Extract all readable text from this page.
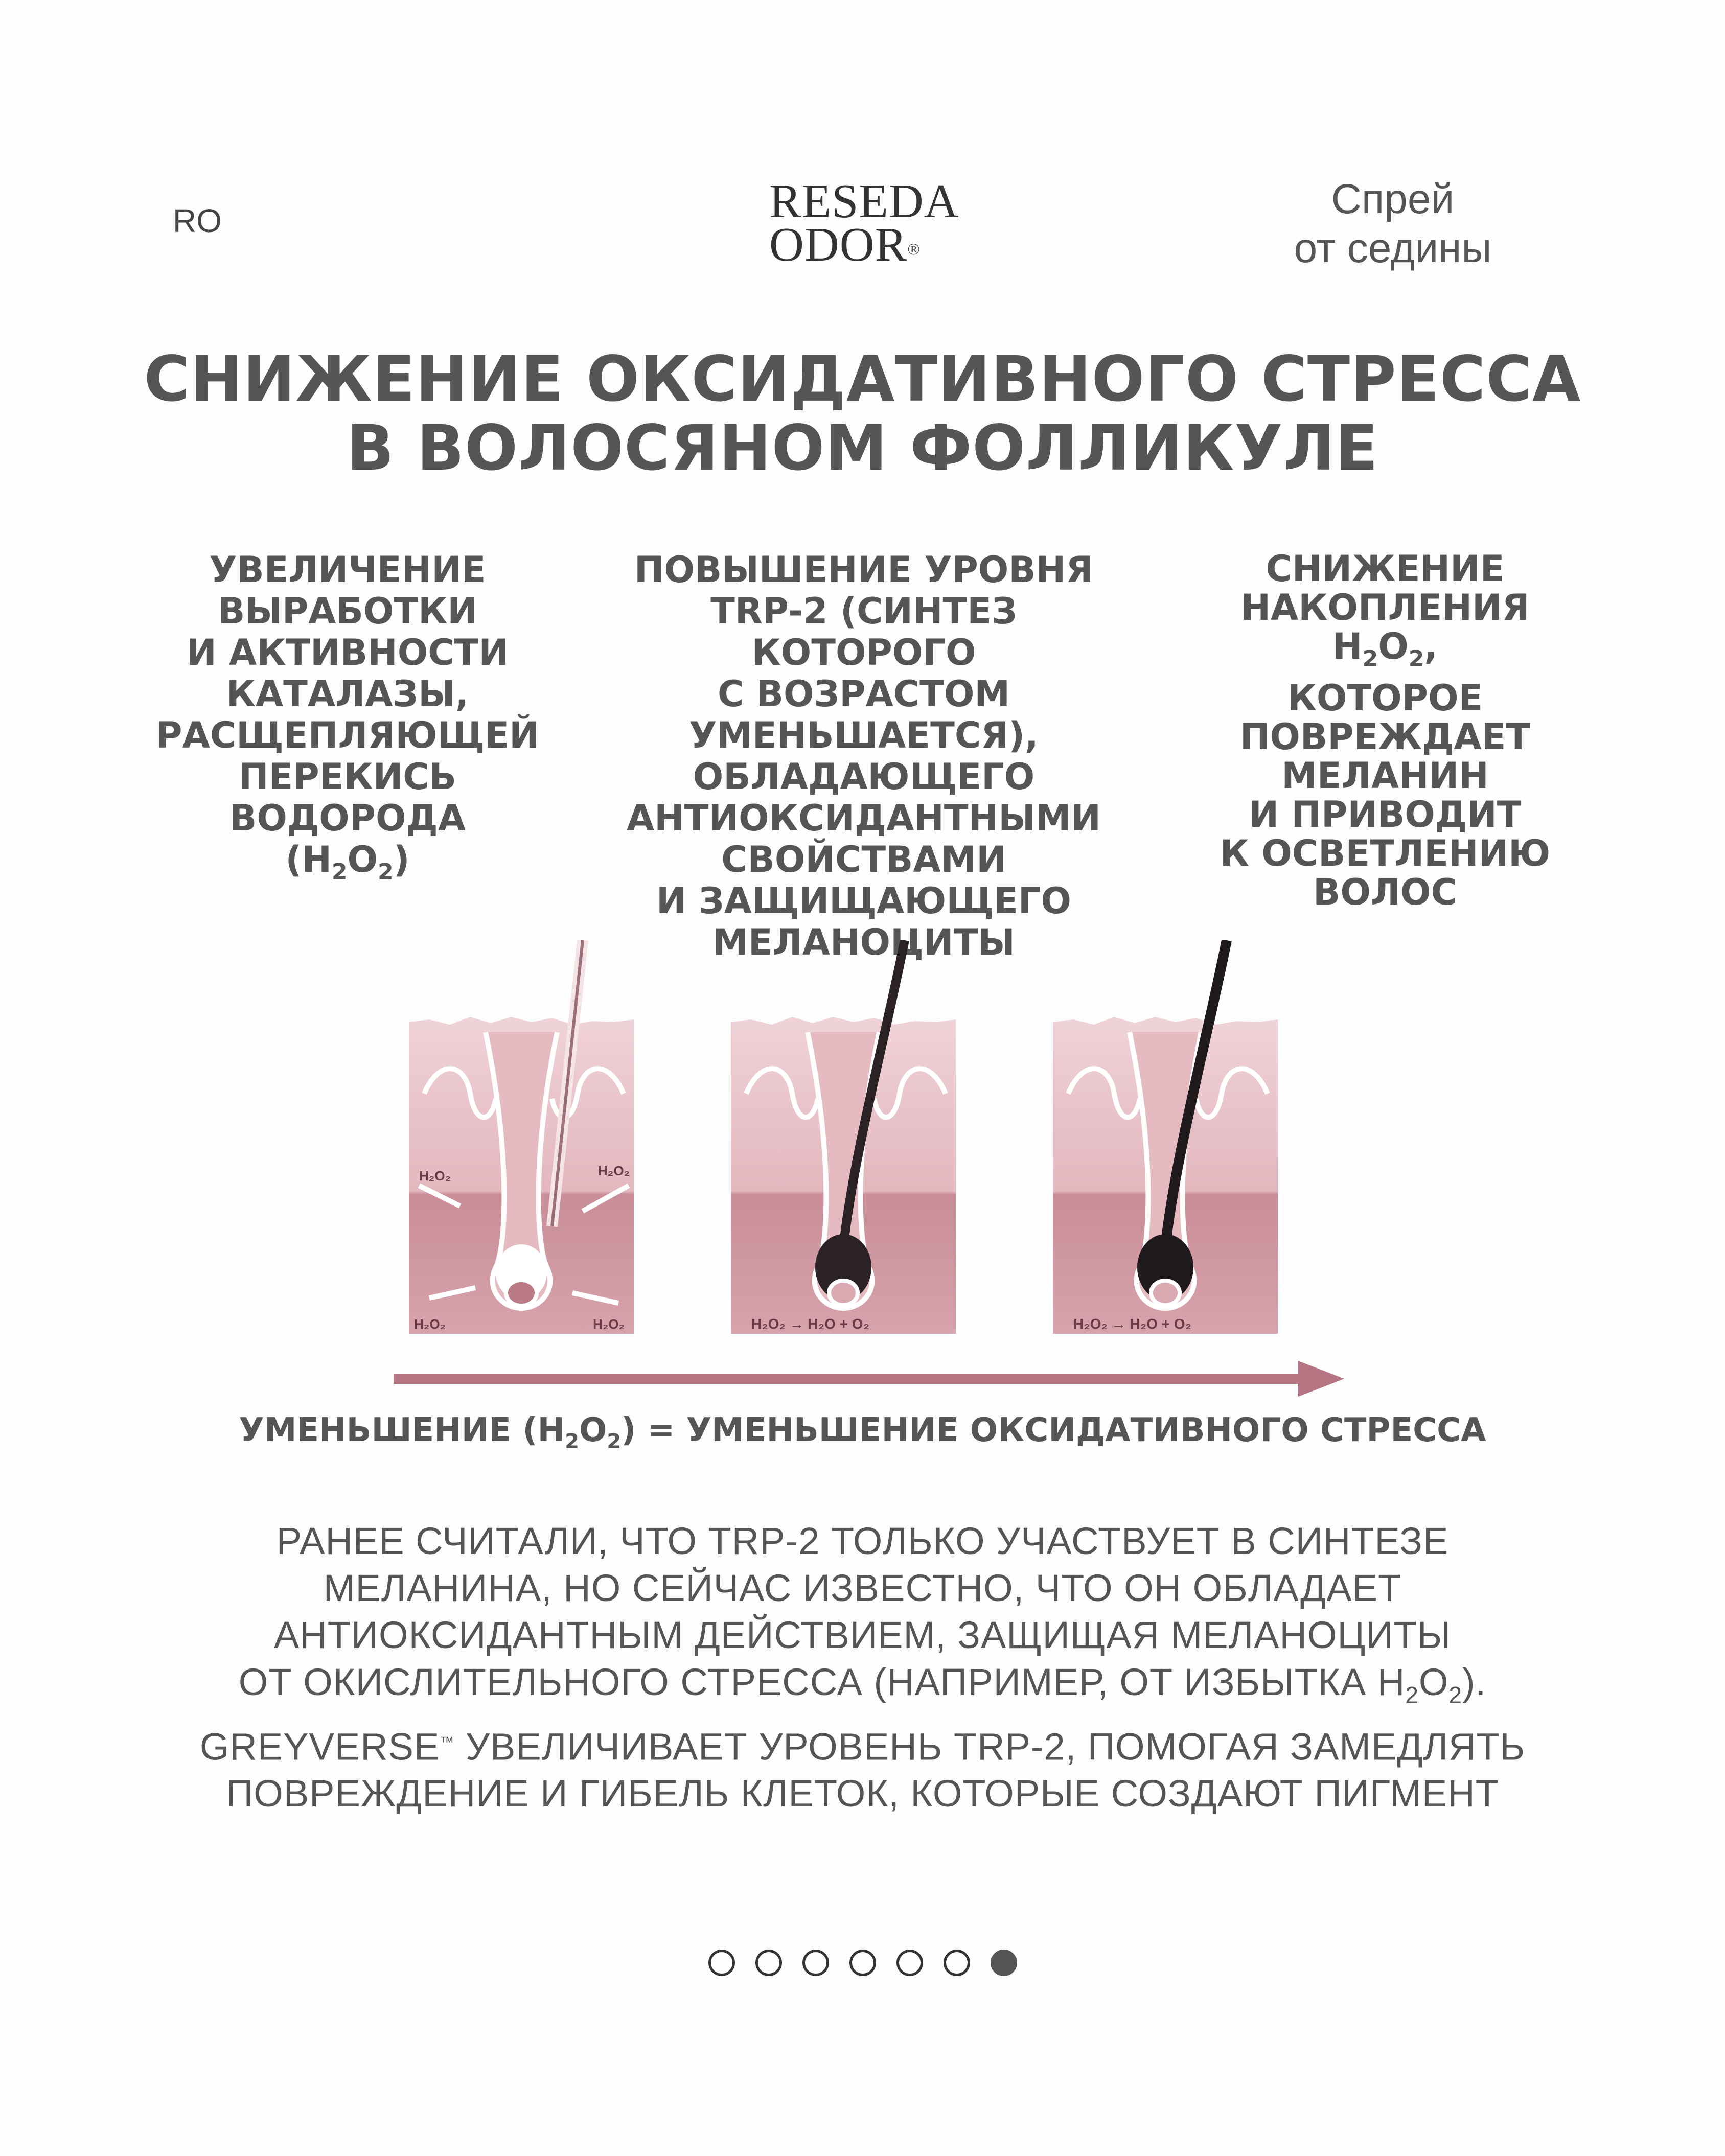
RO	RESEDA
ODOR®
Спрей
от седины
СНИЖЕНИЕ ОКСИДАТИВНОГО СТРЕССА
В ВОЛОСЯНОМ ФОЛЛИКУЛЕ
УВЕЛИЧЕНИЕ
ВЫРАБОТКИ
И АКТИВНОСТИ
КАТАЛАЗЫ,
РАСЩЕПЛЯЮЩЕЙ
ПЕРЕКИСЬ ВОДОРОДА
$(H_2O_2)$
ПОВЫШЕНИЕ УРОВНЯ
TRP-2 (СИНТЕЗ КОТОРОГО
С ВОЗРАСТОМ
УМЕНЬШАЕТСЯ),
ОБЛАДАЮЩЕГО
АНТИОКСИДАНТНЫМИ
СВОЙСТВАМИ
И ЗАЩИЩАЮЩЕГО
МЕЛАНОЦИТЫ
СНИЖЕНИЕ
НАКОПЛЕНИЯ $H_2O_2$,
КОТОРОЕ
ПОВРЕЖДАЕТ
МЕЛАНИН
И ПРИВОДИТ
К ОСВЕТЛЕНИЮ
ВОЛОС
H₂O₂	H₂O₂
H₂O₂	H₂O₂	H₂O₂ → H₂O + O₂	H₂O₂ → H₂O + O₂
УМЕНЬШЕНИЕ $(H_2O_2)$ = УМЕНЬШЕНИЕ ОКСИДАТИВНОГО СТРЕССА
РАНЕЕ СЧИТАЛИ, ЧТО TRP-2 ТОЛЬКО УЧАСТВУЕТ В СИНТЕЗЕ
МЕЛАНИНА, НО СЕЙЧАС ИЗВЕСТНО, ЧТО ОН ОБЛАДАЕТ
АНТИОКСИДАНТНЫМ ДЕЙСТВИЕМ, ЗАЩИЩАЯ МЕЛАНОЦИТЫ
ОТ ОКИСЛИТЕЛЬНОГО СТРЕССА (НАПРИМЕР, ОТ ИЗБЫТКА $H_2O_2$).
GREYVERSE™ УВЕЛИЧИВАЕТ УРОВЕНЬ TRP-2, ПОМОГАЯ ЗАМЕДЛЯТЬ
ПОВРЕЖДЕНИЕ И ГИБЕЛЬ КЛЕТОК, КОТОРЫЕ СОЗДАЮТ ПИГМЕНТ
